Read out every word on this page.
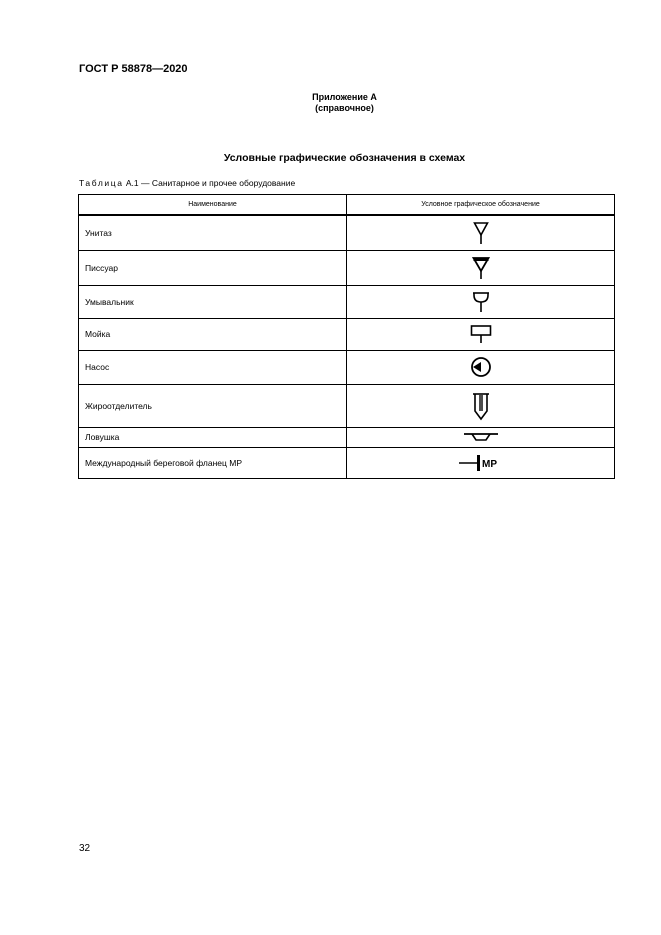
ГОСТ Р 58878—2020
Приложение А
(справочное)
Условные графические обозначения в схемах
Таблица А.1 — Санитарное и прочее оборудование
Наименование	Условное графическое обозначение
Унитаз	

Писсуар	

Умывальник	

Мойка	

Насос	

Жироотделитель	

Ловушка	

Международный береговой фланец MP	MP
32
